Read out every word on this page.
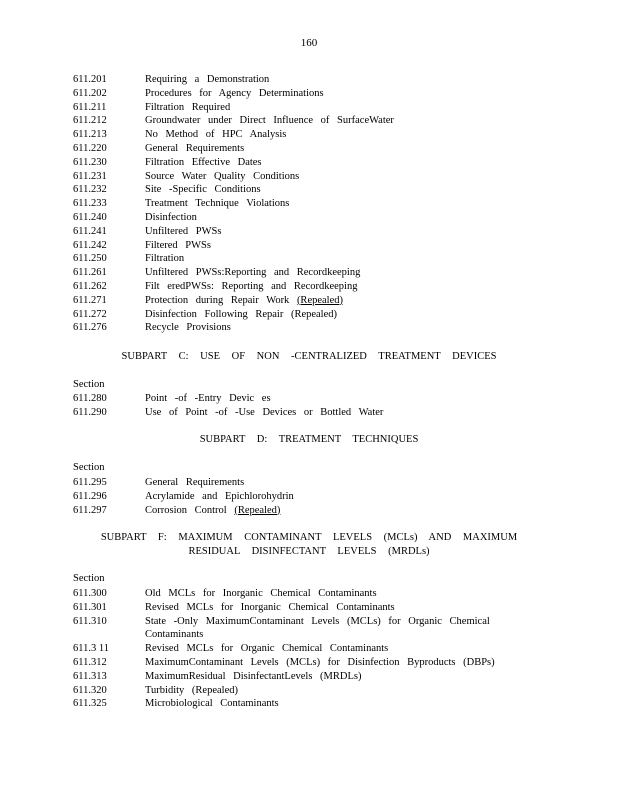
160
611.201	Requiring a Demonstration
611.202	Procedures for Agency Determinations
611.211	Filtration Required
611.212	Groundwater under Direct Influence of SurfaceWater
611.213	No Method of HPC Analysis
611.220	General Requirements
611.230	Filtration Effective Dates
611.231	Source Water Quality Conditions
611.232	Site -Specific Conditions
611.233	Treatment Technique Violations
611.240	Disinfection
611.241	Unfiltered PWSs
611.242	Filtered PWSs
611.250	Filtration
611.261	Unfiltered PWSs:Reporting and Recordkeeping
611.262	Filt eredPWSs: Reporting and Recordkeeping
611.271	Protection during Repair Work (Repealed)
611.272	Disinfection Following Repair (Repealed)
611.276	Recycle Provisions
SUBPART C: USE OF NON -CENTRALIZED TREATMENT DEVICES
Section
611.280	Point -of -Entry Devic es
611.290	Use of Point -of -Use Devices or Bottled Water
SUBPART D: TREATMENT TECHNIQUES
Section
611.295	General Requirements
611.296	Acrylamide and Epichlorohydrin
611.297	Corrosion Control (Repealed)
SUBPART F: MAXIMUM CONTAMINANT LEVELS (MCLs) AND MAXIMUM
RESIDUAL DISINFECTANT LEVELS (MRDLs)
Section
611.300	Old MCLs for Inorganic Chemical Contaminants
611.301	Revised MCLs for Inorganic Chemical Contaminants
611.310	State -Only MaximumContaminant Levels (MCLs) for Organic Chemical Contaminants
611.3 11	Revised MCLs for Organic Chemical Contaminants
611.312	MaximumContaminant Levels (MCLs) for Disinfection Byproducts (DBPs)
611.313	MaximumResidual DisinfectantLevels (MRDLs)
611.320	Turbidity (Repealed)
611.325	Microbiological Contaminants
